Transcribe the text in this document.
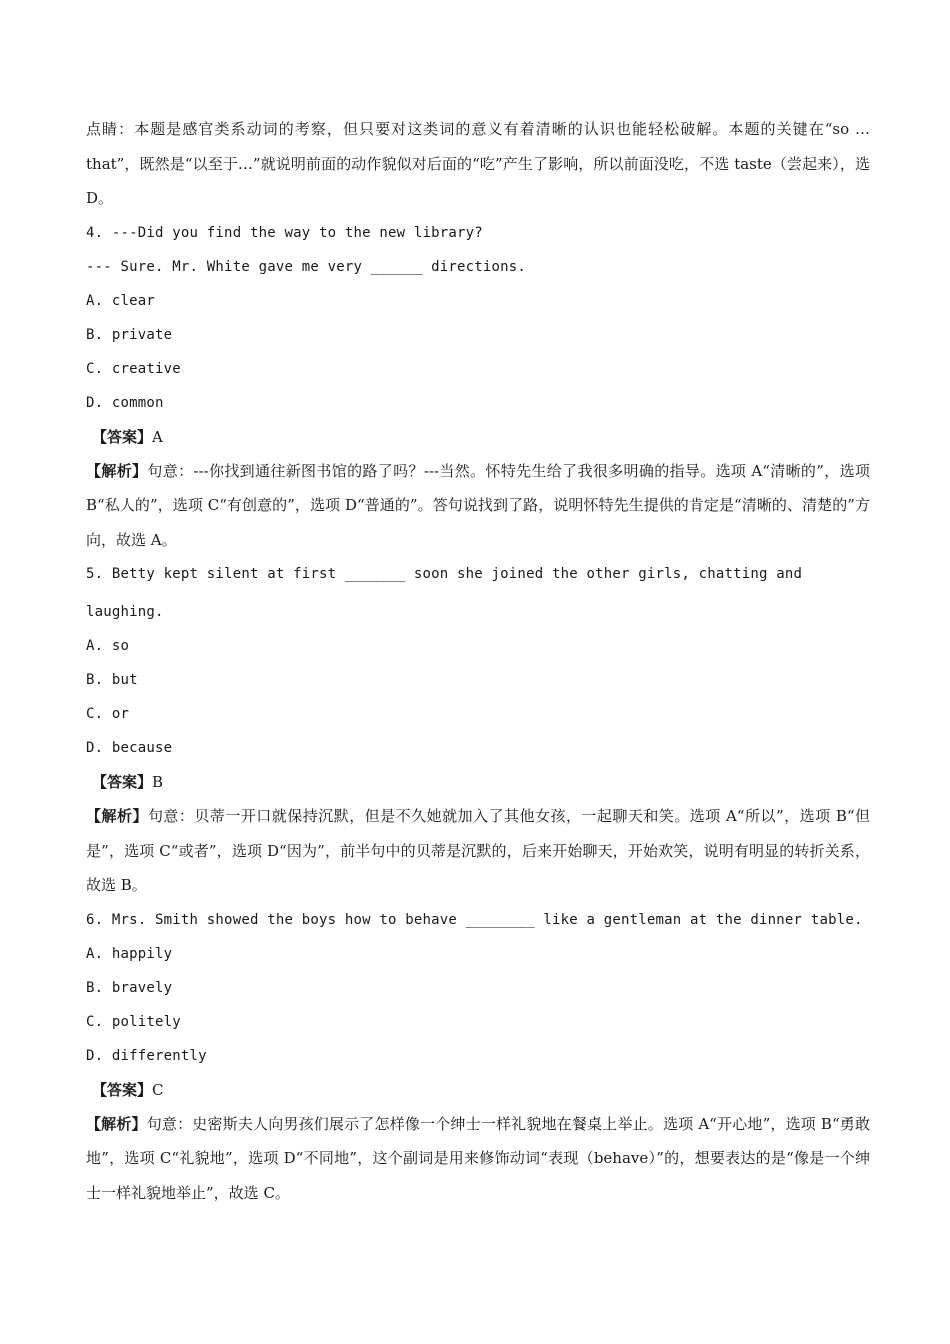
点睛：本题是感官类系动词的考察，但只要对这类词的意义有着清晰的认识也能轻松破解。本题的关键在“so …that”，既然是“以至于…”就说明前面的动作貌似对后面的“吃”产生了影响，所以前面没吃，不选 taste（尝起来），选 D。
4. ---Did you find the way to the new library?
--- Sure. Mr. White gave me very ______ directions.
A. clear
B. private
C. creative
D. common
【答案】A
【解析】句意：---你找到通往新图书馆的路了吗？---当然。怀特先生给了我很多明确的指导。选项 A“清晰的”，选项 B“私人的”，选项 C“有创意的”，选项 D“普通的”。答句说找到了路，说明怀特先生提供的肯定是“清晰的、清楚的”方向，故选 A。
5. Betty kept silent at first _______ soon she joined the other girls, chatting and
laughing.
A. so
B. but
C. or
D. because
【答案】B
【解析】句意：贝蒂一开口就保持沉默，但是不久她就加入了其他女孩，一起聊天和笑。选项 A“所以”，选项 B“但是”，选项 C“或者”，选项 D“因为”，前半句中的贝蒂是沉默的，后来开始聊天，开始欢笑，说明有明显的转折关系，故选 B。
6. Mrs. Smith showed the boys how to behave ________ like a gentleman at the dinner table.
A. happily
B. bravely
C. politely
D. differently
【答案】C
【解析】句意：史密斯夫人向男孩们展示了怎样像一个绅士一样礼貌地在餐桌上举止。选项 A“开心地”，选项 B“勇敢地”，选项 C“礼貌地”，选项 D“不同地”，这个副词是用来修饰动词“表现（behave）”的，想要表达的是“像是一个绅士一样礼貌地举止”，故选 C。
